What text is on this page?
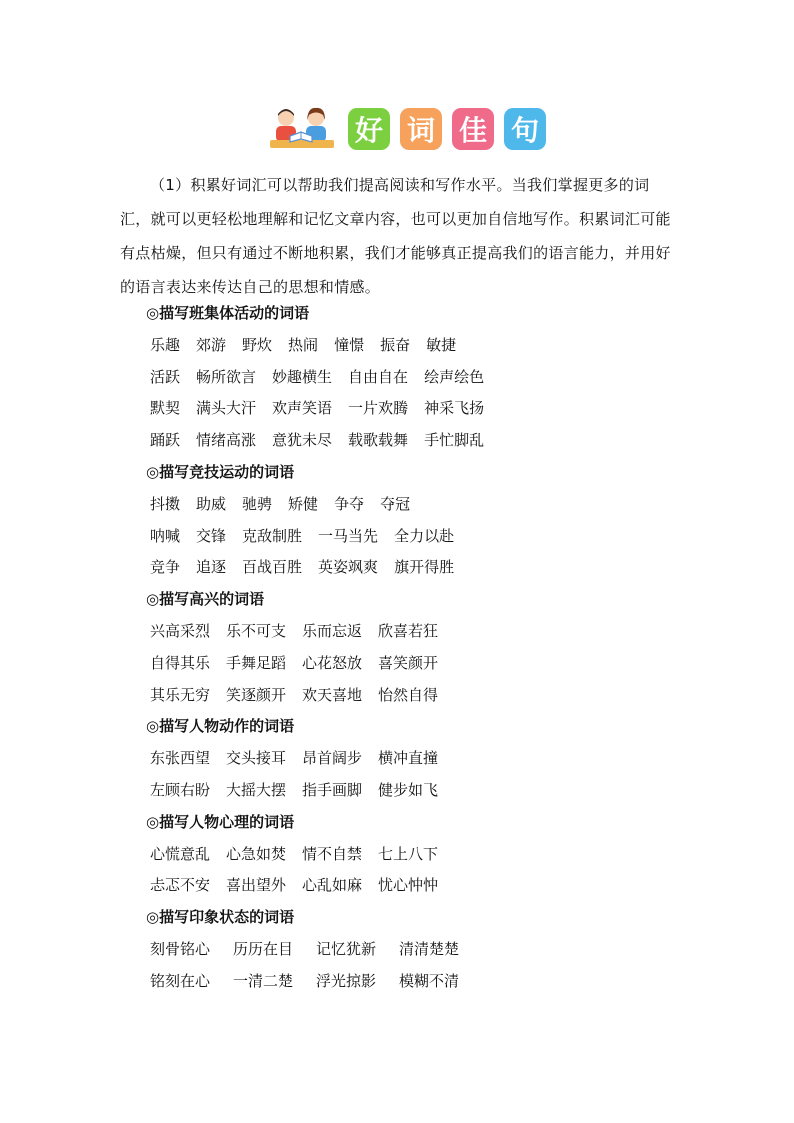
好 词 佳 句

（1）积累好词汇可以帮助我们提高阅读和写作水平。当我们掌握更多的词汇，就可以更轻松地理解和记忆文章内容，也可以更加自信地写作。积累词汇可能有点枯燥，但只有通过不断地积累，我们才能够真正提高我们的语言能力，并用好的语言表达来传达自己的思想和情感。

◎描写班集体活动的词语
乐趣 郊游 野炊 热闹 憧憬 振奋 敏捷
活跃 畅所欲言 妙趣横生 自由自在 绘声绘色
默契 满头大汗 欢声笑语 一片欢腾 神采飞扬
踊跃 情绪高涨 意犹未尽 载歌载舞 手忙脚乱
◎描写竞技运动的词语
抖擞 助威 驰骋 矫健 争夺 夺冠
呐喊 交锋 克敌制胜 一马当先 全力以赴
竞争 追逐 百战百胜 英姿飒爽 旗开得胜
◎描写高兴的词语
兴高采烈 乐不可支 乐而忘返 欣喜若狂
自得其乐 手舞足蹈 心花怒放 喜笑颜开
其乐无穷 笑逐颜开 欢天喜地 怡然自得
◎描写人物动作的词语
东张西望 交头接耳 昂首阔步 横冲直撞
左顾右盼 大摇大摆 指手画脚 健步如飞
◎描写人物心理的词语
心慌意乱 心急如焚 情不自禁 七上八下
忐忑不安 喜出望外 心乱如麻 忧心忡忡
◎描写印象状态的词语
刻骨铭心 历历在目 记忆犹新 清清楚楚
铭刻在心 一清二楚 浮光掠影 模糊不清
